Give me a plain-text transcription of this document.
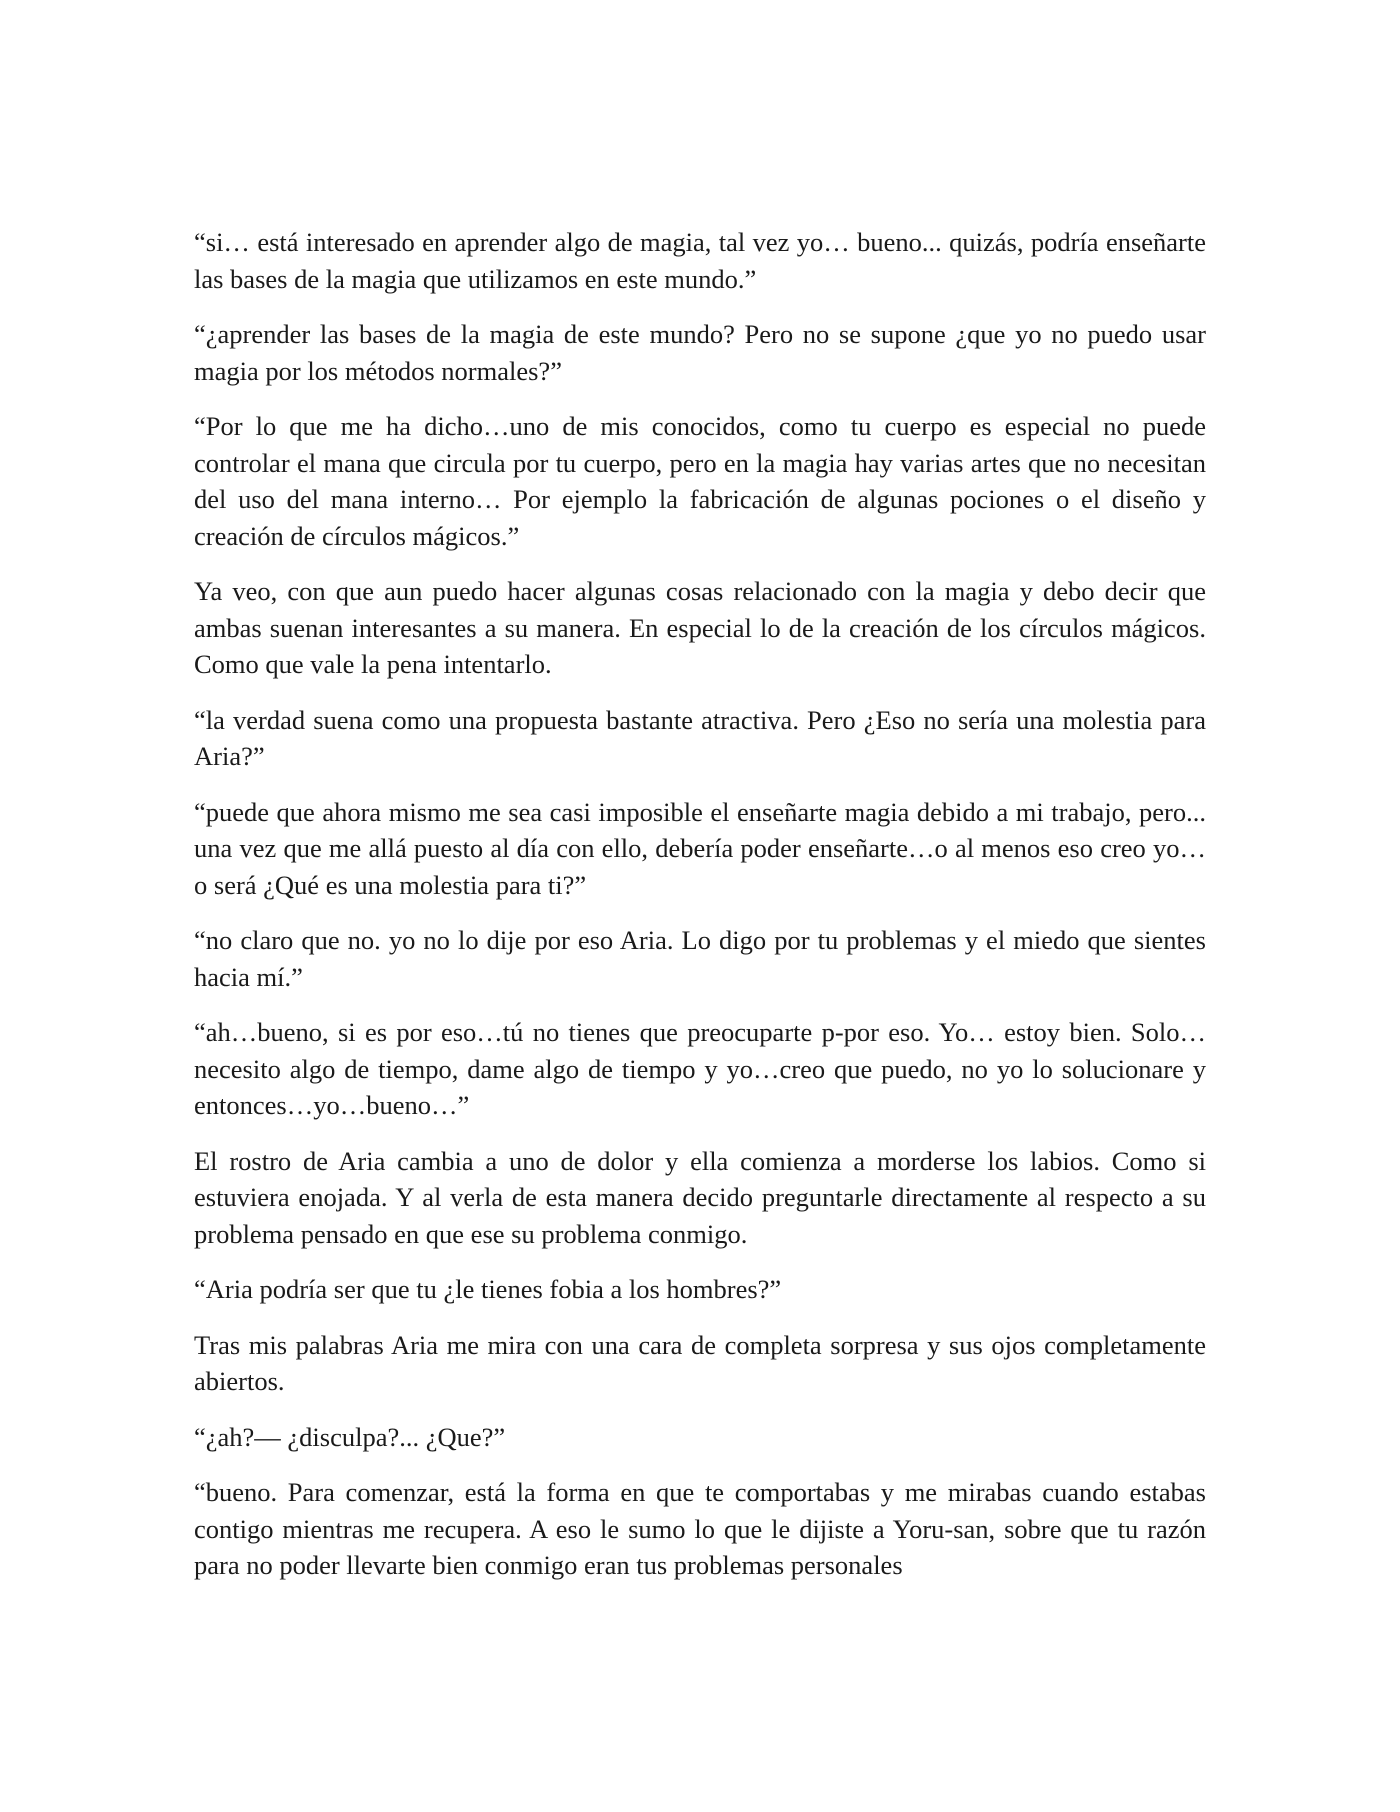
“si… está interesado en aprender algo de magia, tal vez yo… bueno... quizás, podría enseñarte las bases de la magia que utilizamos en este mundo.”

“¿aprender las bases de la magia de este mundo? Pero no se supone ¿que yo no puedo usar magia por los métodos normales?”

“Por lo que me ha dicho…uno de mis conocidos, como tu cuerpo es especial no puede controlar el mana que circula por tu cuerpo, pero en la magia hay varias artes que no necesitan del uso del mana interno… Por ejemplo la fabricación de algunas pociones o el diseño y creación de círculos mágicos.”

Ya veo, con que aun puedo hacer algunas cosas relacionado con la magia y debo decir que ambas suenan interesantes a su manera. En especial lo de la creación de los círculos mágicos. Como que vale la pena intentarlo.

“la verdad suena como una propuesta bastante atractiva. Pero ¿Eso no sería una molestia para Aria?”

“puede que ahora mismo me sea casi imposible el enseñarte magia debido a mi trabajo, pero... una vez que me allá puesto al día con ello, debería poder enseñarte…o al menos eso creo yo…o será ¿Qué es una molestia para ti?”

“no claro que no. yo no lo dije por eso Aria. Lo digo por tu problemas y el miedo que sientes hacia mí.”

“ah…bueno, si es por eso…tú no tienes que preocuparte p-por eso. Yo… estoy bien. Solo… necesito algo de tiempo, dame algo de tiempo y yo…creo que puedo, no yo lo solucionare y entonces…yo…bueno…”

El rostro de Aria cambia a uno de dolor y ella comienza a morderse los labios. Como si estuviera enojada. Y al verla de esta manera decido preguntarle directamente al respecto a su problema pensado en que ese su problema conmigo.

“Aria podría ser que tu ¿le tienes fobia a los hombres?”

Tras mis palabras Aria me mira con una cara de completa sorpresa y sus ojos completamente abiertos.

“¿ah?— ¿disculpa?... ¿Que?”

“bueno. Para comenzar, está la forma en que te comportabas y me mirabas cuando estabas contigo mientras me recupera. A eso le sumo lo que le dijiste a Yoru-san, sobre que tu razón para no poder llevarte bien conmigo eran tus problemas personales
